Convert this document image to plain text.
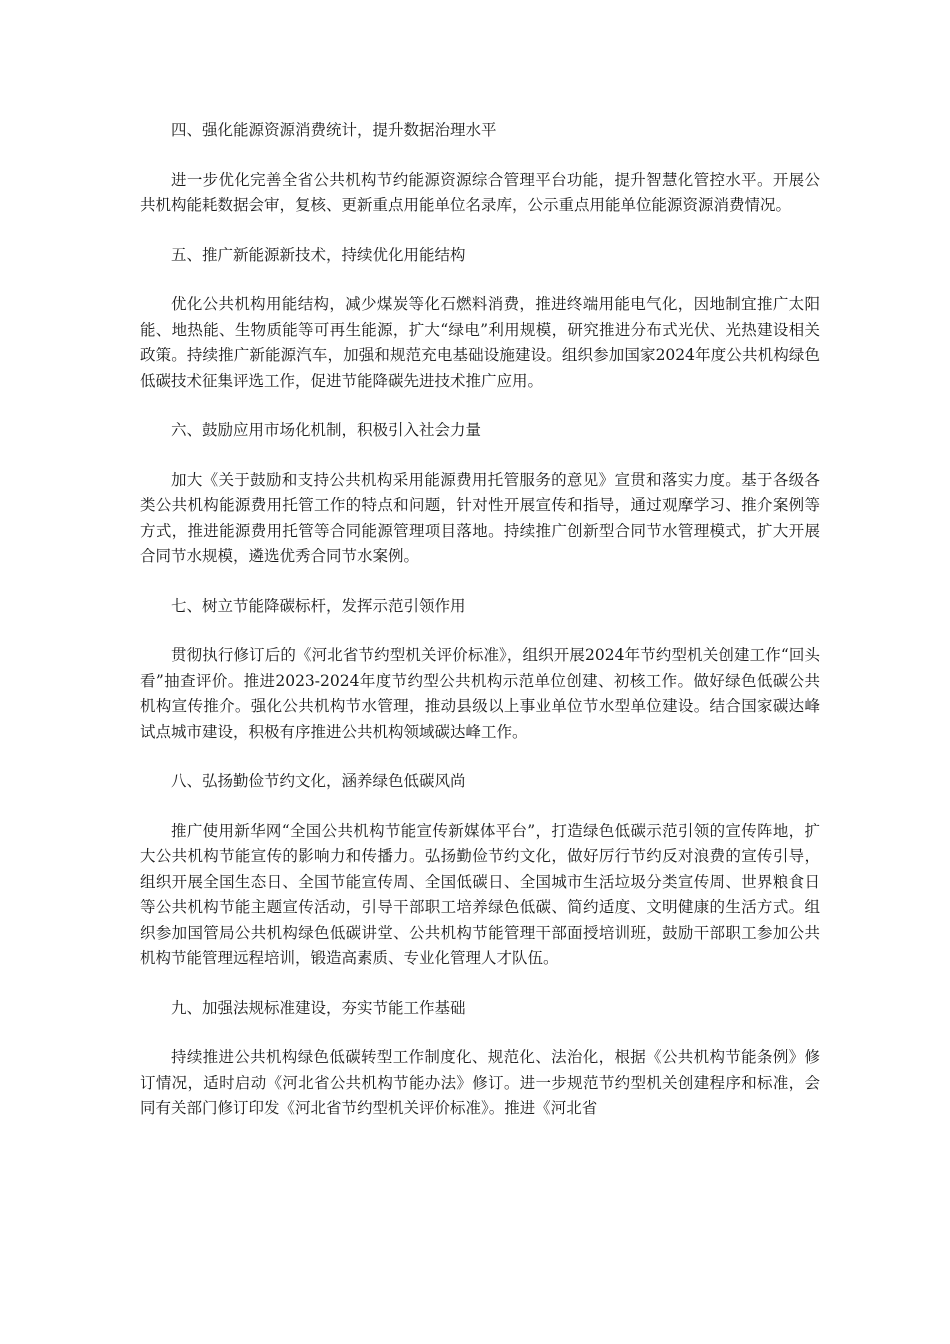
四、强化能源资源消费统计，提升数据治理水平

进一步优化完善全省公共机构节约能源资源综合管理平台功能，提升智慧化管控水平。开展公共机构能耗数据会审，复核、更新重点用能单位名录库，公示重点用能单位能源资源消费情况。

五、推广新能源新技术，持续优化用能结构

优化公共机构用能结构，减少煤炭等化石燃料消费，推进终端用能电气化，因地制宜推广太阳能、地热能、生物质能等可再生能源，扩大“绿电”利用规模，研究推进分布式光伏、光热建设相关政策。持续推广新能源汽车，加强和规范充电基础设施建设。组织参加国家2024年度公共机构绿色低碳技术征集评选工作，促进节能降碳先进技术推广应用。

六、鼓励应用市场化机制，积极引入社会力量

加大《关于鼓励和支持公共机构采用能源费用托管服务的意见》宣贯和落实力度。基于各级各类公共机构能源费用托管工作的特点和问题，针对性开展宣传和指导，通过观摩学习、推介案例等方式，推进能源费用托管等合同能源管理项目落地。持续推广创新型合同节水管理模式，扩大开展合同节水规模，遴选优秀合同节水案例。

七、树立节能降碳标杆，发挥示范引领作用

贯彻执行修订后的《河北省节约型机关评价标准》，组织开展2024年节约型机关创建工作“回头看”抽查评价。推进2023-2024年度节约型公共机构示范单位创建、初核工作。做好绿色低碳公共机构宣传推介。强化公共机构节水管理，推动县级以上事业单位节水型单位建设。结合国家碳达峰试点城市建设，积极有序推进公共机构领域碳达峰工作。

八、弘扬勤俭节约文化，涵养绿色低碳风尚

推广使用新华网“全国公共机构节能宣传新媒体平台”，打造绿色低碳示范引领的宣传阵地，扩大公共机构节能宣传的影响力和传播力。弘扬勤俭节约文化，做好厉行节约反对浪费的宣传引导，组织开展全国生态日、全国节能宣传周、全国低碳日、全国城市生活垃圾分类宣传周、世界粮食日等公共机构节能主题宣传活动，引导干部职工培养绿色低碳、简约适度、文明健康的生活方式。组织参加国管局公共机构绿色低碳讲堂、公共机构节能管理干部面授培训班，鼓励干部职工参加公共机构节能管理远程培训，锻造高素质、专业化管理人才队伍。

九、加强法规标准建设，夯实节能工作基础

持续推进公共机构绿色低碳转型工作制度化、规范化、法治化，根据《公共机构节能条例》修订情况，适时启动《河北省公共机构节能办法》修订。进一步规范节约型机关创建程序和标准，会同有关部门修订印发《河北省节约型机关评价标准》。推进《河北省
